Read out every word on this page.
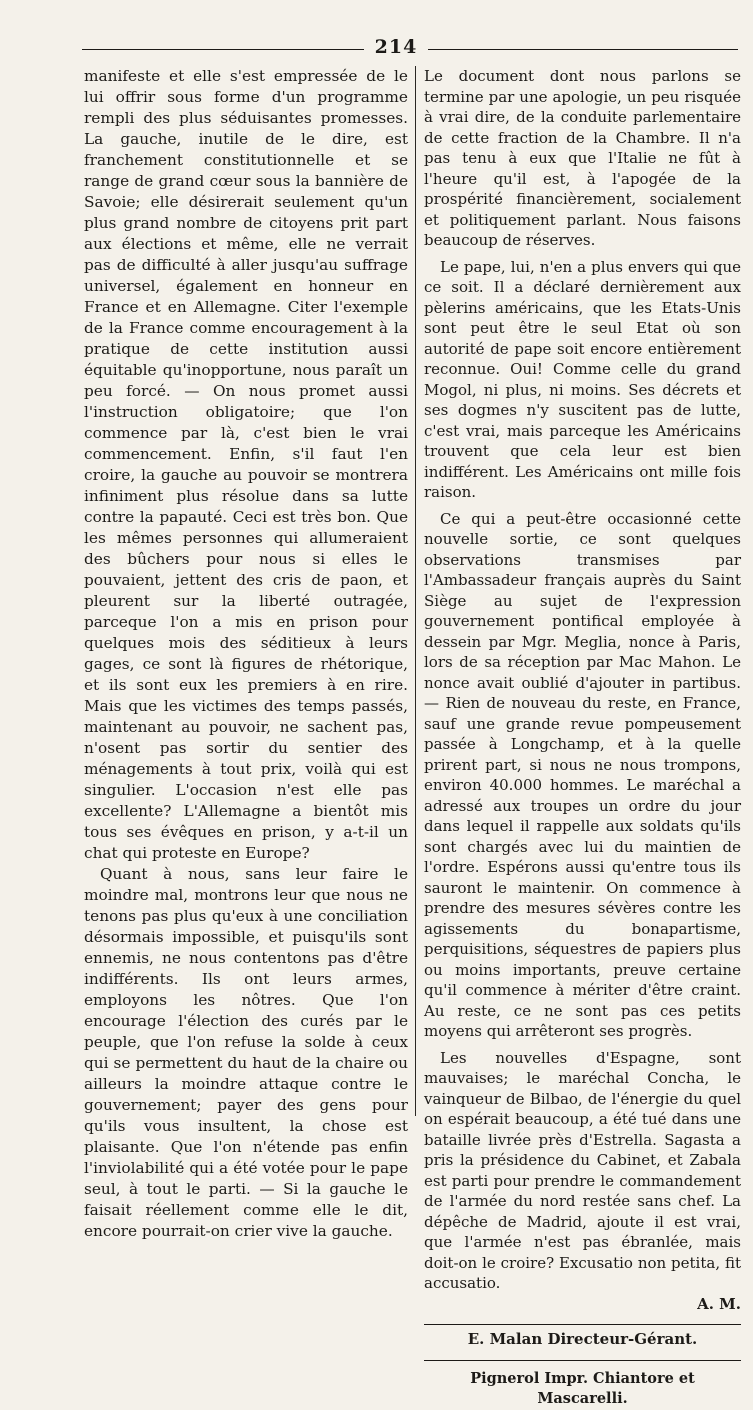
214

manifeste et elle s'est empressée de le lui offrir sous forme d'un programme rempli des plus séduisantes promesses. La gauche, inutile de le dire, est franchement constitutionnelle et se range de grand cœur sous la bannière de Savoie; elle désirerait seulement qu'un plus grand nombre de citoyens prit part aux élections et même, elle ne verrait pas de difficulté à aller jusqu'au suffrage universel, également en honneur en France et en Allemagne. Citer l'exemple de la France comme encouragement à la pratique de cette institution aussi équitable qu'inopportune, nous paraît un peu forcé. — On nous promet aussi l'instruction obligatoire; que l'on commence par là, c'est bien le vrai commencement. Enfin, s'il faut l'en croire, la gauche au pouvoir se montrera infiniment plus résolue dans sa lutte contre la papauté. Ceci est très bon. Que les mêmes personnes qui allumeraient des bûchers pour nous si elles le pouvaient, jettent des cris de paon, et pleurent sur la liberté outragée, parceque l'on a mis en prison pour quelques mois des séditieux à leurs gages, ce sont là figures de rhétorique, et ils sont eux les premiers à en rire. Mais que les victimes des temps passés, maintenant au pouvoir, ne sachent pas, n'osent pas sortir du sentier des ménagements à tout prix, voilà qui est singulier. L'occasion n'est elle pas excellente? L'Allemagne a bientôt mis tous ses évêques en prison, y a-t-il un chat qui proteste en Europe?

Quant à nous, sans leur faire le moindre mal, montrons leur que nous ne tenons pas plus qu'eux à une conciliation désormais impossible, et puisqu'ils sont ennemis, ne nous contentons pas d'être indifférents. Ils ont leurs armes, employons les nôtres. Que l'on encourage l'élection des curés par le peuple, que l'on refuse la solde à ceux qui se permettent du haut de la chaire ou ailleurs la moindre attaque contre le gouvernement; payer des gens pour qu'ils vous insultent, la chose est plaisante. Que l'on n'étende pas enfin l'inviolabilité qui a été votée pour le pape seul, à tout le parti. — Si la gauche le faisait réellement comme elle le dit, encore pourrait-on crier vive la gauche.

Le document dont nous parlons se termine par une apologie, un peu risquée à vrai dire, de la conduite parlementaire de cette fraction de la Chambre. Il n'a pas tenu à eux que l'Italie ne fût à l'heure qu'il est, à l'apogée de la prospérité financièrement, socialement et politiquement parlant. Nous faisons beaucoup de réserves.

Le pape, lui, n'en a plus envers qui que ce soit. Il a déclaré dernièrement aux pèlerins américains, que les Etats-Unis sont peut être le seul Etat où son autorité de pape soit encore entièrement reconnue. Oui! Comme celle du grand Mogol, ni plus, ni moins. Ses décrets et ses dogmes n'y suscitent pas de lutte, c'est vrai, mais parceque les Américains trouvent que cela leur est bien indifférent. Les Américains ont mille fois raison.

Ce qui a peut-être occasionné cette nouvelle sortie, ce sont quelques observations transmises par l'Ambassadeur français auprès du Saint Siège au sujet de l'expression gouvernement pontifical employée à dessein par Mgr. Meglia, nonce à Paris, lors de sa réception par Mac Mahon. Le nonce avait oublié d'ajouter in partibus. — Rien de nouveau du reste, en France, sauf une grande revue pompeusement passée à Longchamp, et à la quelle prirent part, si nous ne nous trompons, environ 40.000 hommes. Le maréchal a adressé aux troupes un ordre du jour dans lequel il rappelle aux soldats qu'ils sont chargés avec lui du maintien de l'ordre. Espérons aussi qu'entre tous ils sauront le maintenir. On commence à prendre des mesures sévères contre les agissements du bonapartisme, perquisitions, séquestres de papiers plus ou moins importants, preuve certaine qu'il commence à mériter d'être craint. Au reste, ce ne sont pas ces petits moyens qui arrêteront ses progrès.

Les nouvelles d'Espagne, sont mauvaises; le maréchal Concha, le vainqueur de Bilbao, de l'énergie du quel on espérait beaucoup, a été tué dans une bataille livrée près d'Estrella. Sagasta a pris la présidence du Cabinet, et Zabala est parti pour prendre le commandement de l'armée du nord restée sans chef. La dépêche de Madrid, ajoute il est vrai, que l'armée n'est pas ébranlée, mais doit-on le croire? Excusatio non petita, fit accusatio.

A. M.
E. Malan Directeur-Gérant.
Pignerol Impr. Chiantore et Mascarelli.
